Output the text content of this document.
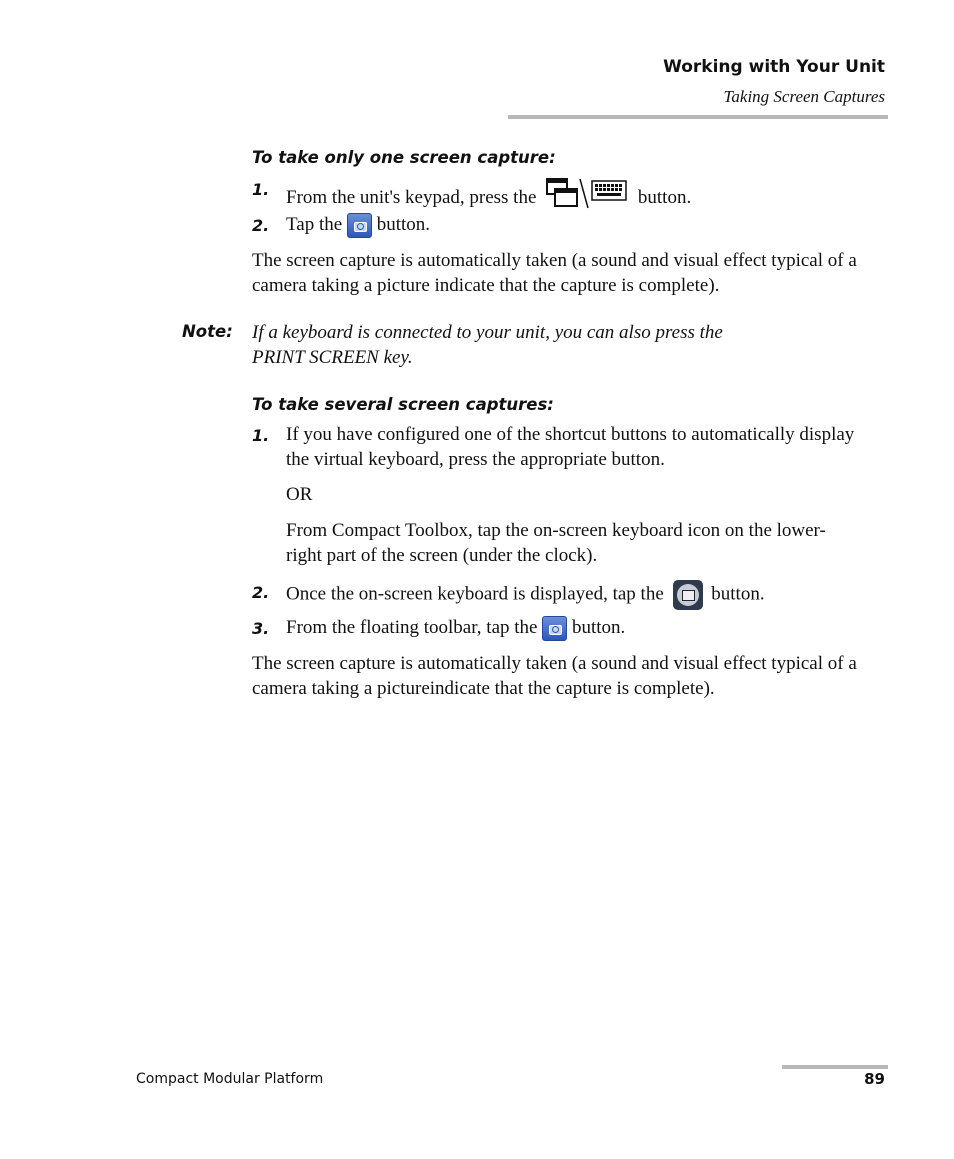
Working with Your Unit
Taking Screen Captures
To take only one screen capture:
1. From the unit's keypad, press the	button.
2. Tap the button.
The screen capture is automatically taken (a sound and visual effect typical of a camera taking a picture indicate that the capture is complete).
Note: If a keyboard is connected to your unit, you can also press the
PRINT SCREEN key.
To take several screen captures:
1. If you have configured one of the shortcut buttons to automatically display the virtual keyboard, press the appropriate button.
OR
From Compact Toolbox, tap the on-screen keyboard icon on the lower-right part of the screen (under the clock).
2. Once the on-screen keyboard is displayed, tap the	button.
3. From the floating toolbar, tap the button.
The screen capture is automatically taken (a sound and visual effect typical of a camera taking a pictureindicate that the capture is complete).
Compact Modular Platform	89
